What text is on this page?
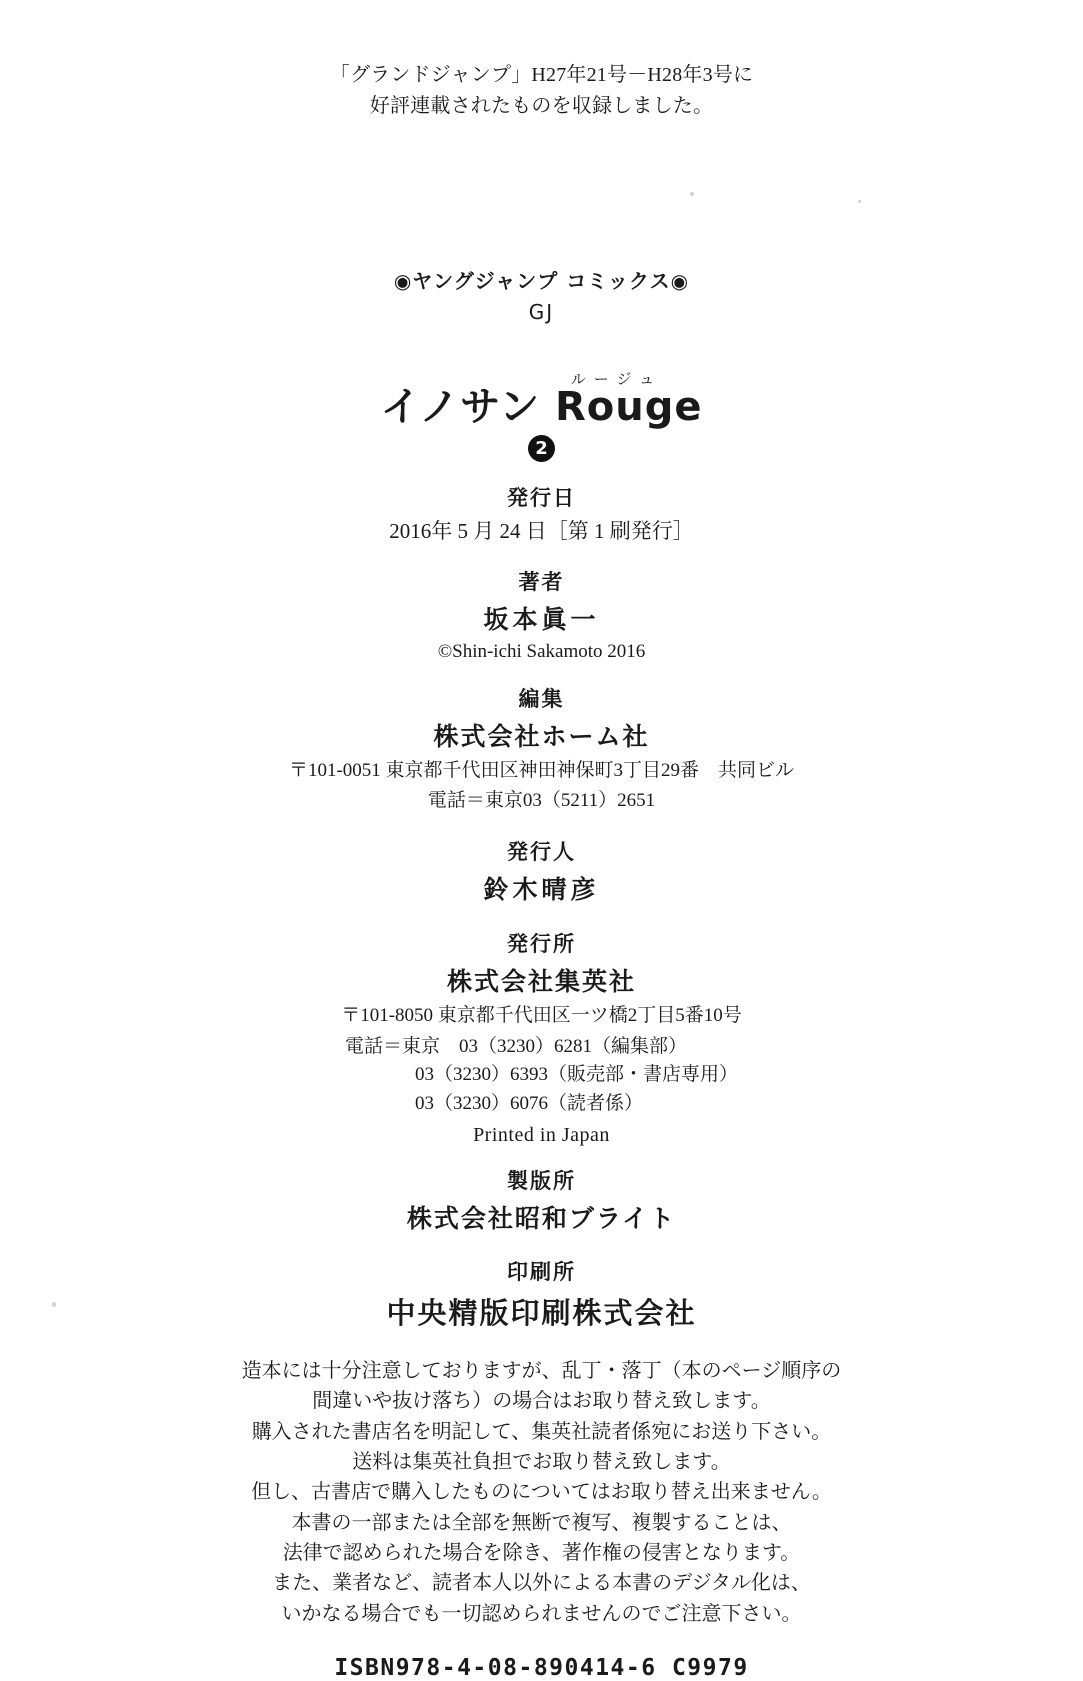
「グランドジャンプ」H27年21号－H28年3号に
好評連載されたものを収録しました。
◉ヤングジャンプ コミックス◉
GJ
ルージュ
イノサン Rouge
2
発行日
2016年 5 月 24 日［第 1 刷発行］
著者
坂本眞一
©Shin-ichi Sakamoto 2016
編集
株式会社ホーム社
〒101-0051 東京都千代田区神田神保町3丁目29番　共同ビル
電話＝東京03（5211）2651
発行人
鈴木晴彦
発行所
株式会社集英社
〒101-8050 東京都千代田区一ツ橋2丁目5番10号
電話＝東京　03（3230）6281（編集部）
03（3230）6393（販売部・書店専用）
03（3230）6076（読者係）
Printed in Japan
製版所
株式会社昭和ブライト
印刷所
中央精版印刷株式会社
造本には十分注意しておりますが、乱丁・落丁（本のページ順序の
間違いや抜け落ち）の場合はお取り替え致します。
購入された書店名を明記して、集英社読者係宛にお送り下さい。
送料は集英社負担でお取り替え致します。
但し、古書店で購入したものについてはお取り替え出来ません。
本書の一部または全部を無断で複写、複製することは、
法律で認められた場合を除き、著作権の侵害となります。
また、業者など、読者本人以外による本書のデジタル化は、
いかなる場合でも一切認められませんのでご注意下さい。
ISBN978-4-08-890414-6 C9979
